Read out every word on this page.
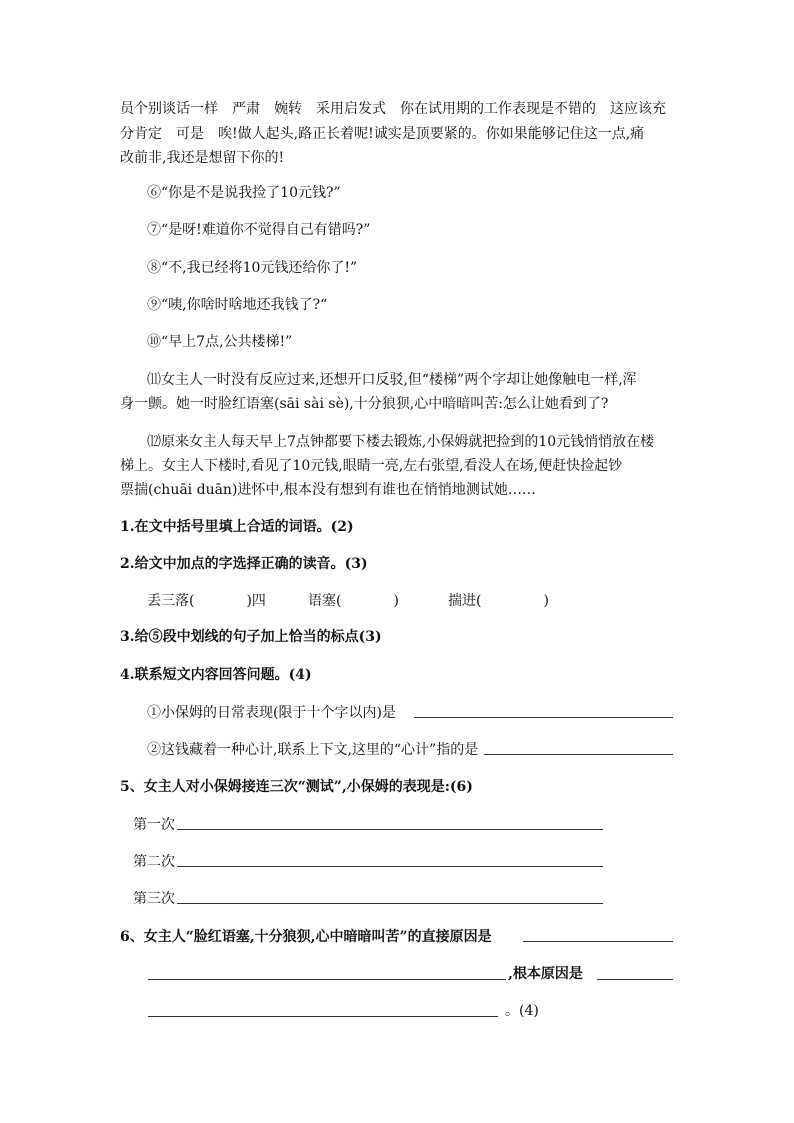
员个别谈话一样 严肃 婉转 采用启发式 你在试用期的工作表现是不错的 这应该充
分肯定 可是 唉!做人起头,路正长着呢!诚实是顶要紧的。你如果能够记住这一点,痛
改前非,我还是想留下你的!
⑥“你是不是说我捡了10元钱?”
⑦“是呀!难道你不觉得自己有错吗?”
⑧“不,我已经将10元钱还给你了!”
⑨“咦,你啥时啥地还我钱了?“
⑩“早上7点,公共楼梯!”
⑾女主人一时没有反应过来,还想开口反驳,但“楼梯”两个字却让她像触电一样,浑
身一颤。她一时脸红语塞(sāi sài sè),十分狼狈,心中暗暗叫苦:怎么让她看到了?
⑿原来女主人每天早上7点钟都要下楼去锻炼,小保姆就把捡到的10元钱悄悄放在楼
梯上。女主人下楼时,看见了10元钱,眼睛一亮,左右张望,看没人在场,便赶快捡起钞
票揣(chuāi duān)进怀中,根本没有想到有谁也在悄悄地测试她……
1.在文中括号里填上合适的词语。(2)
2.给文中加点的字选择正确的读音。(3)
丢三落(	)四	语塞(	)	揣进(	)
3.给⑤段中划线的句子加上恰当的标点(3)
4.联系短文内容回答问题。(4)
①小保姆的日常表现(限于十个字以内)是
②这钱藏着一种心计,联系上下文,这里的“心计”指的是
5、女主人对小保姆接连三次“测试”,小保姆的表现是:(6)
第一次
第二次
第三次
6、女主人“脸红语塞,十分狼狈,心中暗暗叫苦”的直接原因是
,根本原因是
。(4)
